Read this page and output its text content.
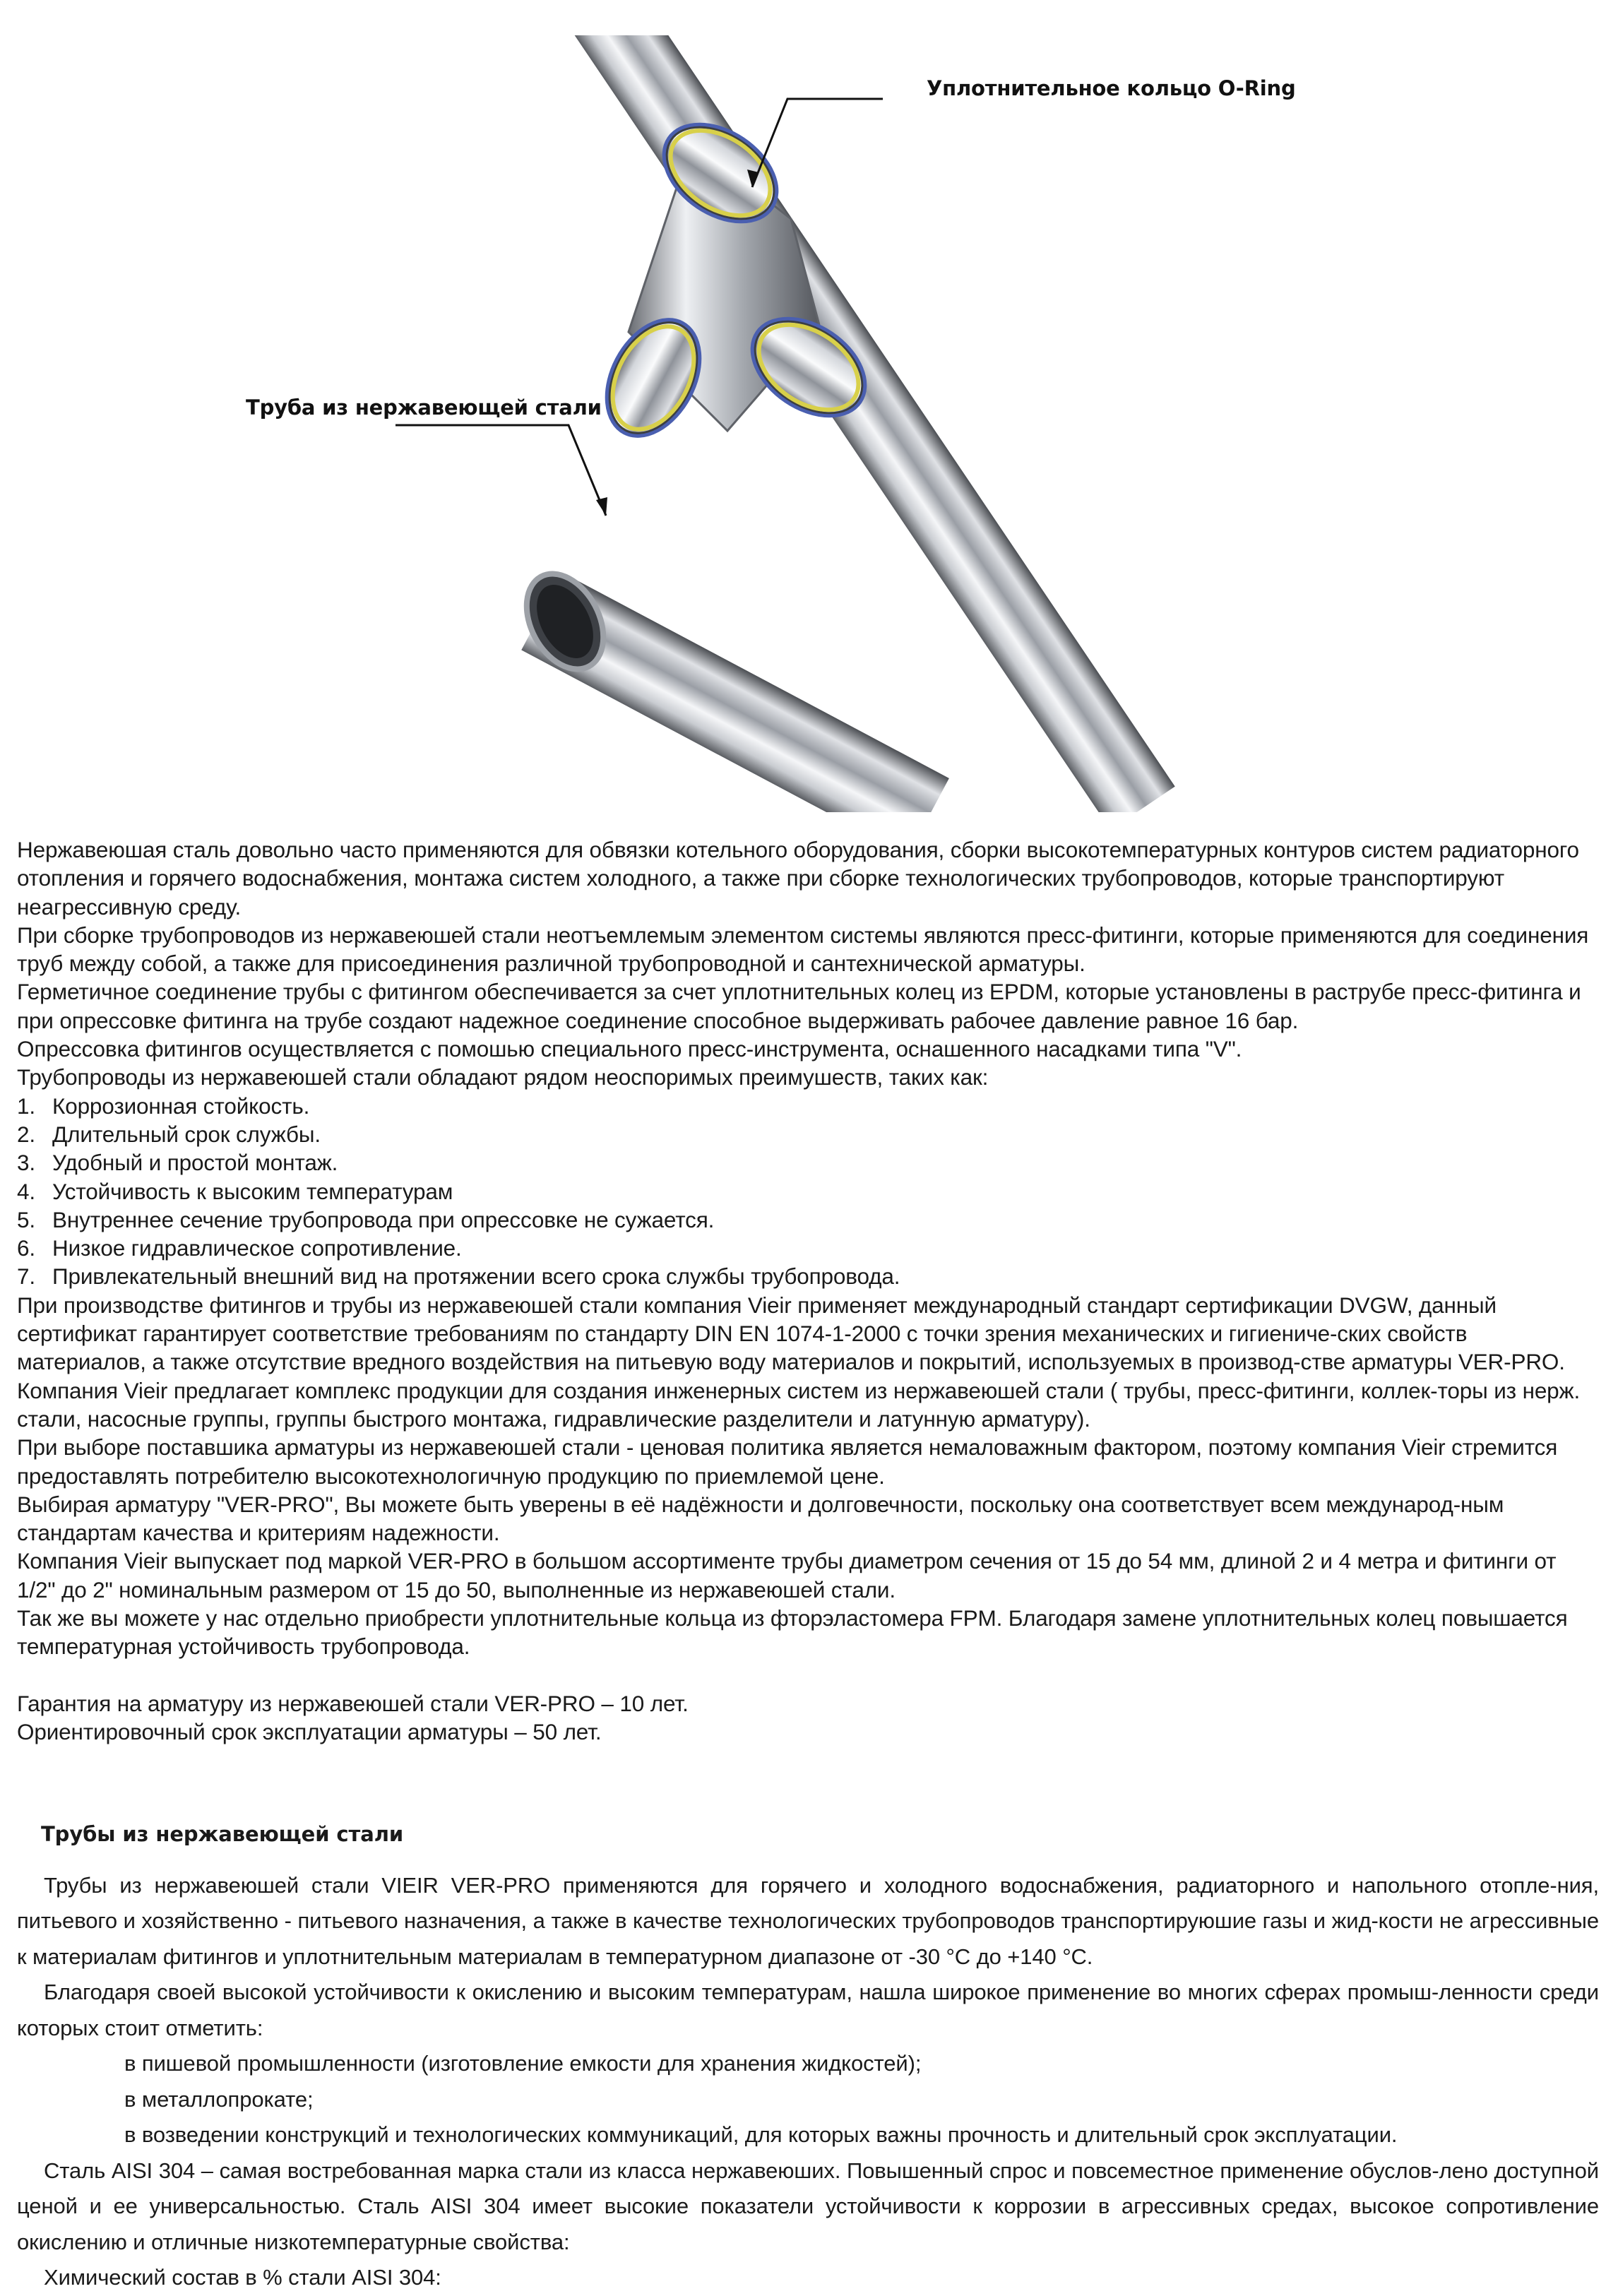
Уплотнительное кольцо O-Ring
Труба из нержавеющей стали

Нержавеюшая сталь довольно часто применяются для обвязки котельного оборудования, сборки высокотемпературных контуров систем радиаторного отопления и горячего водоснабжения, монтажа систем холодного, а также при сборке технологических трубопроводов, которые транспортируют неагрессивную среду.

При сборке трубопроводов из нержавеюшей стали неотъемлемым элементом системы являются пресс-фитинги, которые применяются для соединения труб между собой, а также для присоединения различной трубопроводной и сантехнической арматуры.

Герметичное соединение трубы с фитингом обеспечивается за счет уплотнительных колец из EPDM, которые установлены в раструбе пресс-фитинга и при опрессовке фитинга на трубе создают надежное соединение способное выдерживать рабочее давление равное 16 бар.

Опрессовка фитингов осуществляется с помошью специального пресс-инструмента, оснашенного насадками типа "V".

Трубопроводы из нержавеюшей стали обладают рядом неоспоримых преимушеств, таких как:

1. Коррозионная стойкость.

2. Длительный срок службы.

3. Удобный и простой монтаж.

4. Устойчивость к высоким температурам

5. Внутреннее сечение трубопровода при опрессовке не сужается.

6. Низкое гидравлическое сопротивление.

7. Привлекательный внешний вид на протяжении всего срока службы трубопровода.

При производстве фитингов и трубы из нержавеюшей стали компания Vieir применяет международный стандарт сертификации DVGW, данный сертификат гарантирует соответствие требованиям по стандарту DIN EN 1074-1-2000 с точки зрения механических и гигиениче-ских свойств материалов, а также отсутствие вредного воздействия на питьевую воду материалов и покрытий, используемых в производ-стве арматуры VER-PRO.

Компания Vieir предлагает комплекс продукции для создания инженерных систем из нержавеюшей стали ( трубы, пресс-фитинги, коллек-торы из нерж. стали, насосные группы, группы быстрого монтажа, гидравлические разделители и латунную арматуру).

При выборе поставшика арматуры из нержавеюшей стали - ценовая политика является немаловажным фактором, поэтому компания Vieir стремится предоставлять потребителю высокотехнологичную продукцию по приемлемой цене.

Выбирая арматуру "VER-PRO", Вы можете быть уверены в её надёжности и долговечности, поскольку она соответствует всем международ-ным стандартам качества и критериям надежности.

Компания Vieir выпускает под маркой VER-PRO в большом ассортименте трубы диаметром сечения от 15 до 54 мм, длиной 2 и 4 метра и фитинги от 1/2" до 2" номинальным размером от 15 до 50, выполненные из нержавеюшей стали.

Так же вы можете у нас отдельно приобрести уплотнительные кольца из фторэластомера FPM. Благодаря замене уплотнительных колец повышается температурная устойчивость трубопровода.

Гарантия на арматуру из нержавеюшей стали VER-PRO – 10 лет.

Ориентировочный срок эксплуатации арматуры – 50 лет.

Трубы из нержавеющей стали

Трубы из нержавеюшей стали VIEIR VER-PRO применяются для горячего и холодного водоснабжения, радиаторного и напольного отопле-ния, питьевого и хозяйственно - питьевого назначения, а также в качестве технологических трубопроводов транспортируюшие газы и жид-кости не агрессивные к материалам фитингов и уплотнительным материалам в температурном диапазоне от -30 °С до +140 °С.

Благодаря своей высокой устойчивости к окислению и высоким температурам, нашла широкое применение во многих сферах промыш-ленности среди которых стоит отметить:

в пишевой промышленности (изготовление емкости для хранения жидкостей);

в металлопрокате;

в возведении конструкций и технологических коммуникаций, для которых важны прочность и длительный срок эксплуатации.

Сталь AISI 304 – самая востребованная марка стали из класса нержавеюших. Повышенный спрос и повсеместное применение обуслов-лено доступной ценой и ее универсальностью. Сталь AISI 304 имеет высокие показатели устойчивости к коррозии в агрессивных средах, высокое сопротивление окислению и отличные низкотемпературные свойства:

Химический состав в % стали AISI 304:
